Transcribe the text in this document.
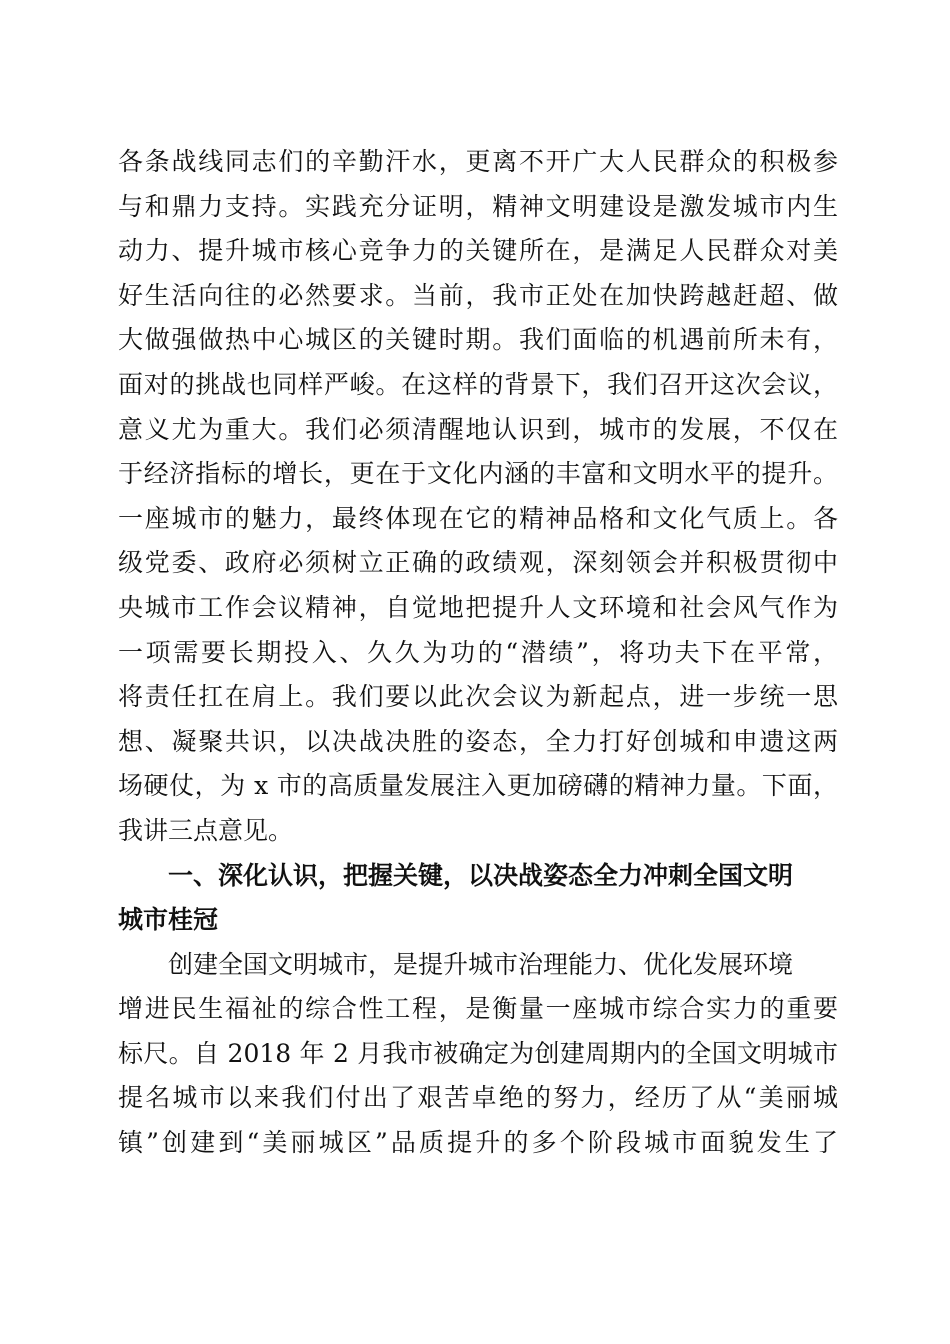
各条战线同志们的辛勤汗水，更离不开广大人民群众的积极参
与和鼎力支持。实践充分证明，精神文明建设是激发城市内生
动力、提升城市核心竞争力的关键所在，是满足人民群众对美
好生活向往的必然要求。当前，我市正处在加快跨越赶超、做
大做强做热中心城区的关键时期。我们面临的机遇前所未有，
面对的挑战也同样严峻。在这样的背景下，我们召开这次会议，
意义尤为重大。我们必须清醒地认识到，城市的发展，不仅在
于经济指标的增长，更在于文化内涵的丰富和文明水平的提升。
一座城市的魅力，最终体现在它的精神品格和文化气质上。各
级党委、政府必须树立正确的政绩观，深刻领会并积极贯彻中
央城市工作会议精神，自觉地把提升人文环境和社会风气作为
一项需要长期投入、久久为功的“潜绩”，将功夫下在平常，
将责任扛在肩上。我们要以此次会议为新起点，进一步统一思
想、凝聚共识，以决战决胜的姿态，全力打好创城和申遗这两
场硬仗，为 x 市的高质量发展注入更加磅礴的精神力量。下面，
我讲三点意见。
一、深化认识，把握关键，以决战姿态全力冲刺全国文明
城市桂冠
创建全国文明城市，是提升城市治理能力、优化发展环境
增进民生福祉的综合性工程，是衡量一座城市综合实力的重要
标尺。自 2018 年 2 月我市被确定为创建周期内的全国文明城市
提名城市以来我们付出了艰苦卓绝的努力，经历了从“美丽城
镇”创建到“美丽城区”品质提升的多个阶段城市面貌发生了
